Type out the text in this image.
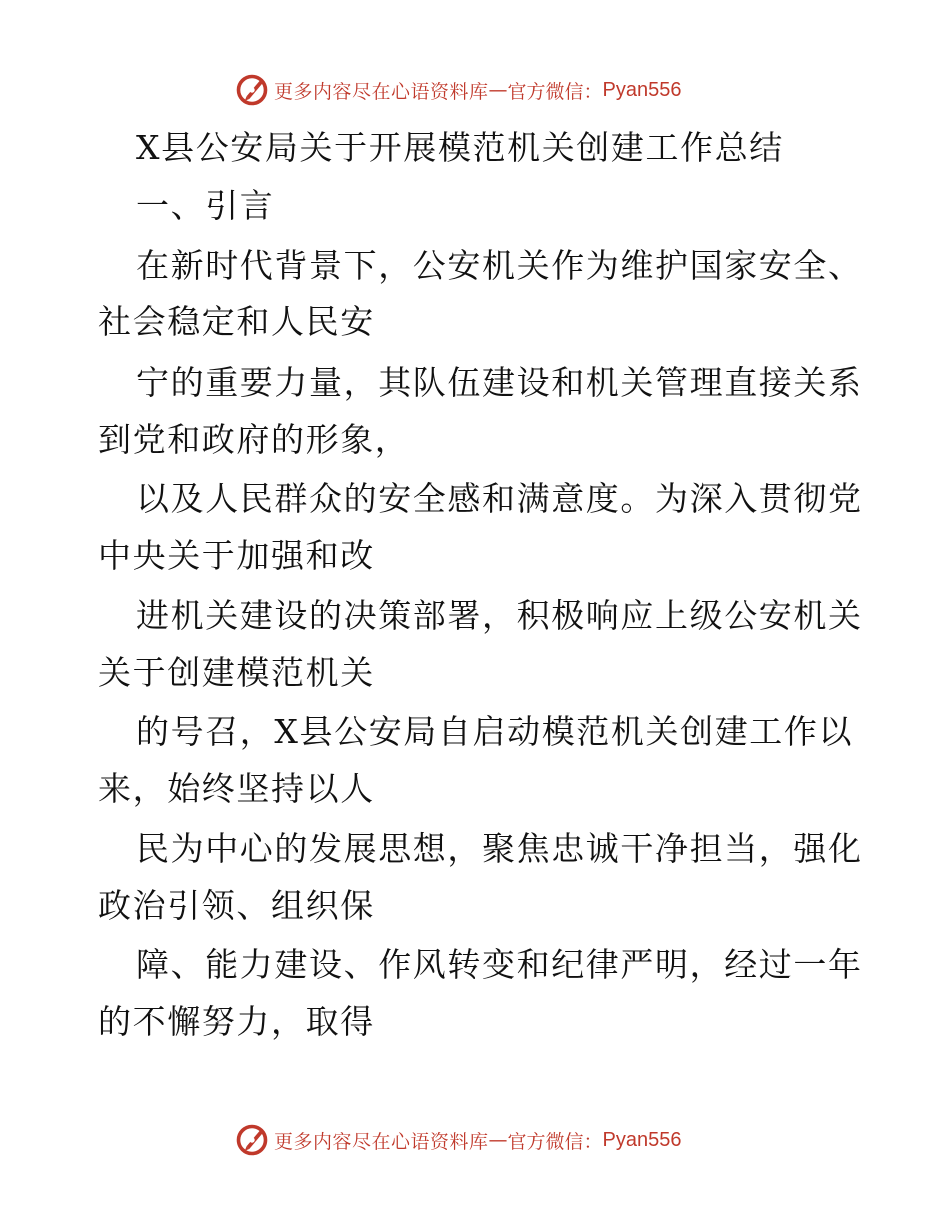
更多内容尽在心语资料库 — 官方微信： Pyan556
X县公安局关于开展模范机关创建工作总结
一、引言
在新时代背景下，公安机关作为维护国家安全、
社会稳定和人民安
宁的重要力量，其队伍建设和机关管理直接关系
到党和政府的形象，
以及人民群众的安全感和满意度。为深入贯彻党
中央关于加强和改
进机关建设的决策部署，积极响应上级公安机关
关于创建模范机关
的号召，X县公安局自启动模范机关创建工作以
来，始终坚持以人
民为中心的发展思想，聚焦忠诚干净担当，强化
政治引领、组织保
障、能力建设、作风转变和纪律严明，经过一年
的不懈努力，取得
更多内容尽在心语资料库 — 官方微信： Pyan556
